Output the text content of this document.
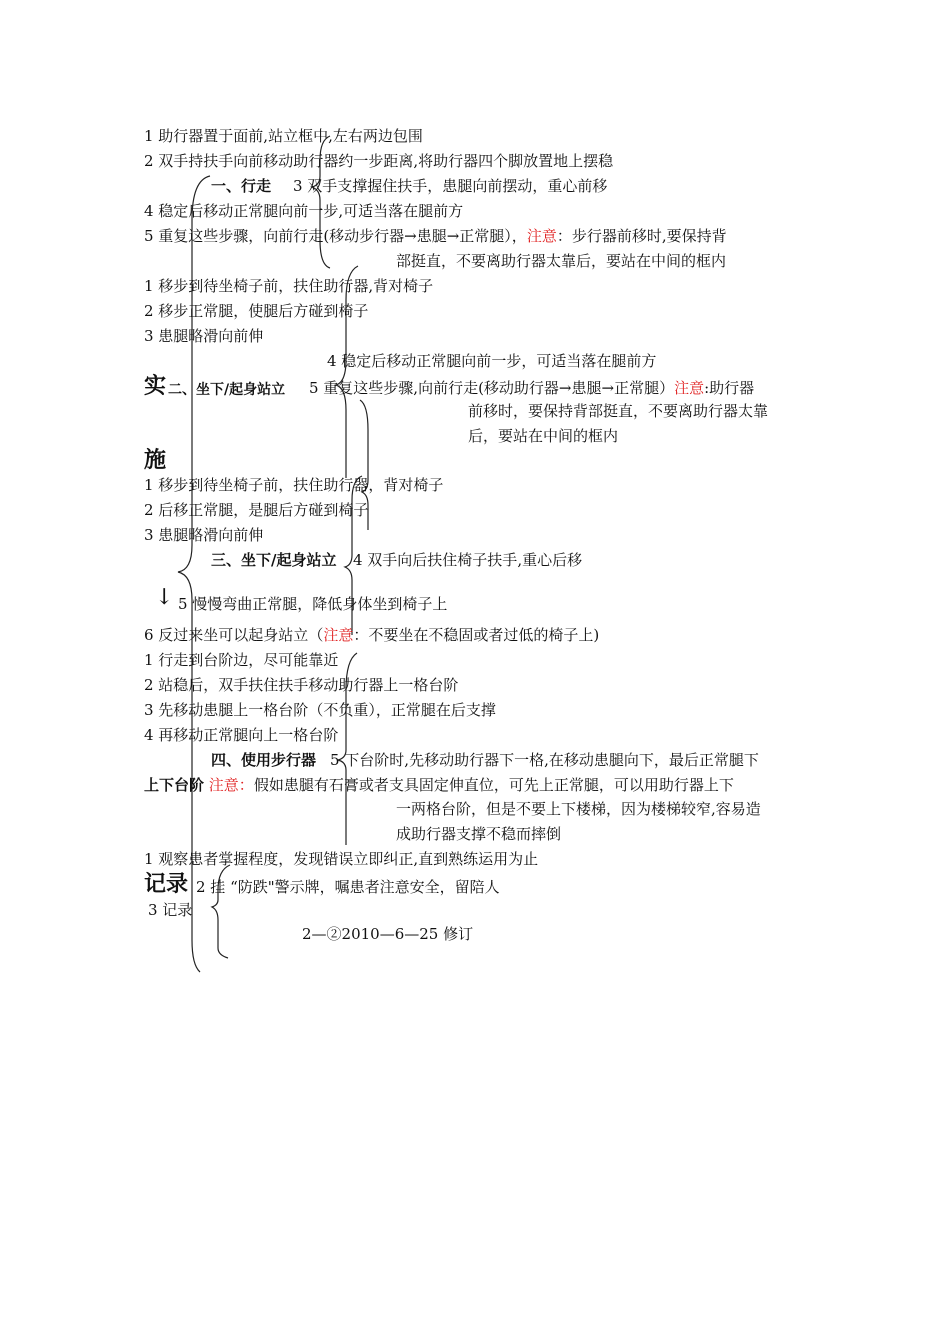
1 助行器置于面前,站立框中,左右两边包围
2 双手持扶手向前移动助行器约一步距离,将助行器四个脚放置地上摆稳
一、行走 3 双手支撑握住扶手，患腿向前摆动，重心前移
4 稳定后移动正常腿向前一步,可适当落在腿前方
5 重复这些步骤，向前行走(移动步行器→患腿→正常腿），注意：步行器前移时,要保持背
部挺直，不要离助行器太靠后，要站在中间的框内
1 移步到待坐椅子前，扶住助行器,背对椅子
2 移步正常腿，使腿后方碰到椅子
3 患腿略滑向前伸
4 稳定后移动正常腿向前一步，可适当落在腿前方
实 二、坐下/起身站立 5 重复这些步骤,向前行走(移动助行器→患腿→正常腿）注意:助行器
前移时，要保持背部挺直，不要离助行器太靠
后，要站在中间的框内
施
1 移步到待坐椅子前，扶住助行器，背对椅子
2 后移正常腿，是腿后方碰到椅子
3 患腿略滑向前伸
三、坐下/起身站立 4 双手向后扶住椅子扶手,重心后移
↓ 5 慢慢弯曲正常腿，降低身体坐到椅子上
6 反过来坐可以起身站立（注意：不要坐在不稳固或者过低的椅子上)
1 行走到台阶边，尽可能靠近
2 站稳后，双手扶住扶手移动助行器上一格台阶
3 先移动患腿上一格台阶（不负重），正常腿在后支撑
4 再移动正常腿向上一格台阶
四、使用步行器 5 下台阶时,先移动助行器下一格,在移动患腿向下，最后正常腿下
上下台阶 注意：假如患腿有石膏或者支具固定伸直位，可先上正常腿，可以用助行器上下
一两格台阶，但是不要上下楼梯，因为楼梯较窄,容易造
成助行器支撑不稳而摔倒
1 观察患者掌握程度，发现错误立即纠正,直到熟练运用为止
记录 2 挂 “防跌"警示牌，嘱患者注意安全，留陪人
3 记录
2—②2010—6—25 修订
